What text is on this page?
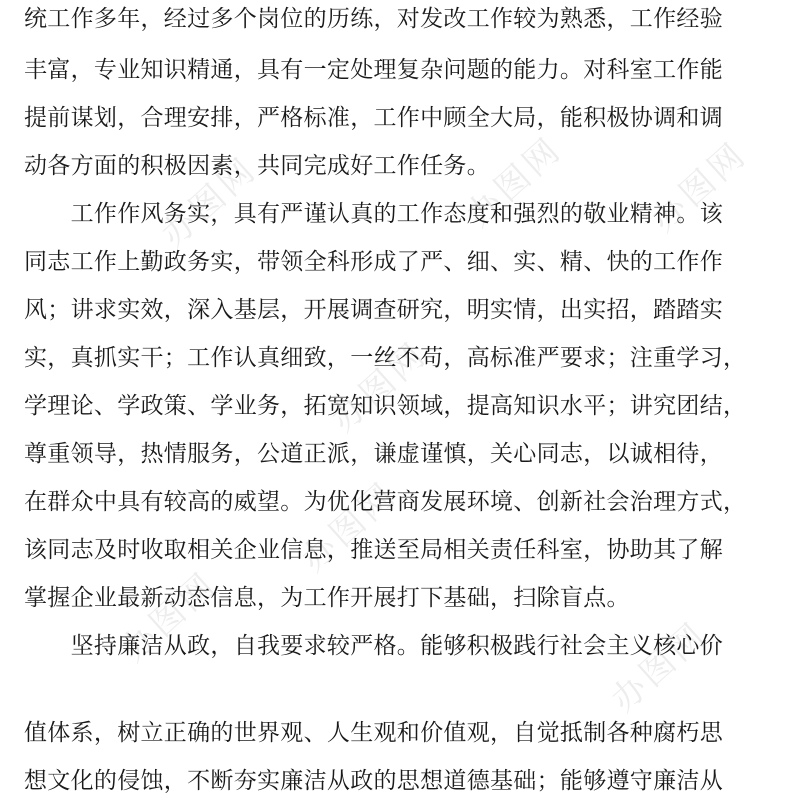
办图网 办图网
办图网
办图网
办图网
办图网	办图网
统工作多年，经过多个岗位的历练，对发改工作较为熟悉，工作经验
丰富，专业知识精通，具有一定处理复杂问题的能力。对科室工作能
提前谋划，合理安排，严格标准，工作中顾全大局，能积极协调和调
动各方面的积极因素，共同完成好工作任务。
　　工作作风务实，具有严谨认真的工作态度和强烈的敬业精神。该
同志工作上勤政务实，带领全科形成了严、细、实、精、快的工作作
风；讲求实效，深入基层，开展调查研究，明实情，出实招，踏踏实
实，真抓实干；工作认真细致，一丝不苟，高标准严要求；注重学习，
学理论、学政策、学业务，拓宽知识领域，提高知识水平；讲究团结，
尊重领导，热情服务，公道正派，谦虚谨慎，关心同志，以诚相待，
在群众中具有较高的威望。为优化营商发展环境、创新社会治理方式，
该同志及时收取相关企业信息，推送至局相关责任科室，协助其了解
掌握企业最新动态信息，为工作开展打下基础，扫除盲点。
　　坚持廉洁从政，自我要求较严格。能够积极践行社会主义核心价
值体系，树立正确的世界观、人生观和价值观，自觉抵制各种腐朽思
想文化的侵蚀，不断夯实廉洁从政的思想道德基础；能够遵守廉洁从
